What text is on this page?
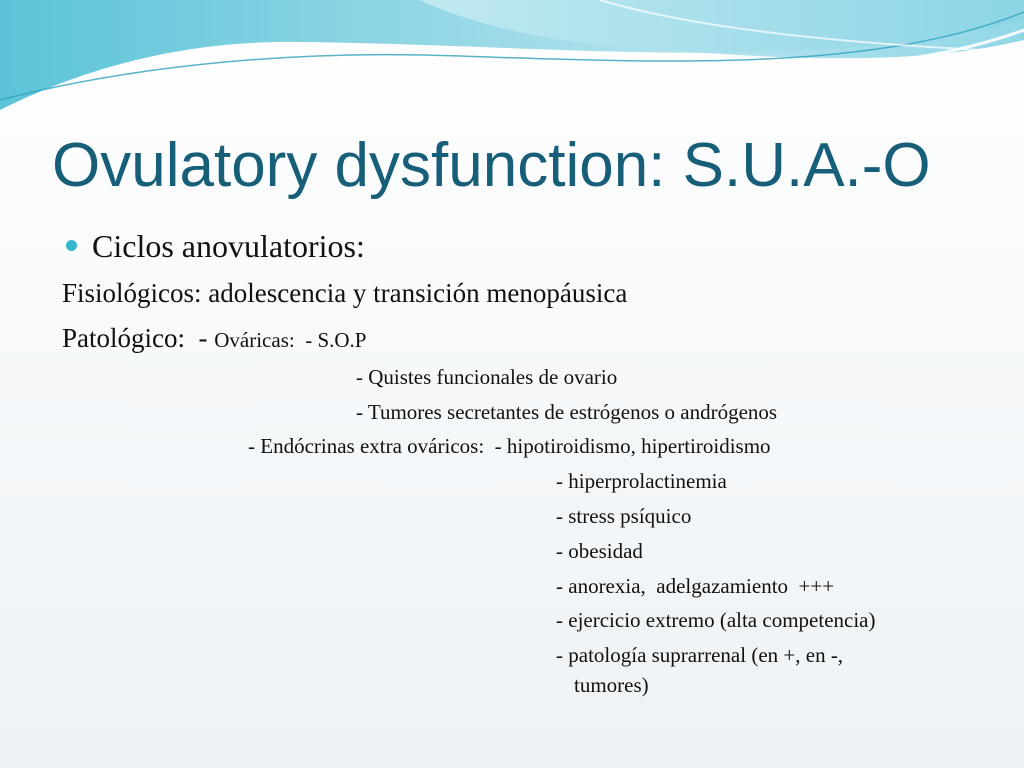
Ovulatory dysfunction: S.U.A.-O
Ciclos anovulatorios:
Fisiológicos: adolescencia y transición menopáusica
Patológico:  - Ováricas:  - S.O.P
- Quistes funcionales de ovario
- Tumores secretantes de estrógenos o andrógenos
- Endócrinas extra ováricos:  - hipotiroidismo, hipertiroidismo
- hiperprolactinemia
- stress psíquico
- obesidad
- anorexia,  adelgazamiento  +++
- ejercicio extremo (alta competencia)
- patología suprarrenal (en +, en -,
tumores)
